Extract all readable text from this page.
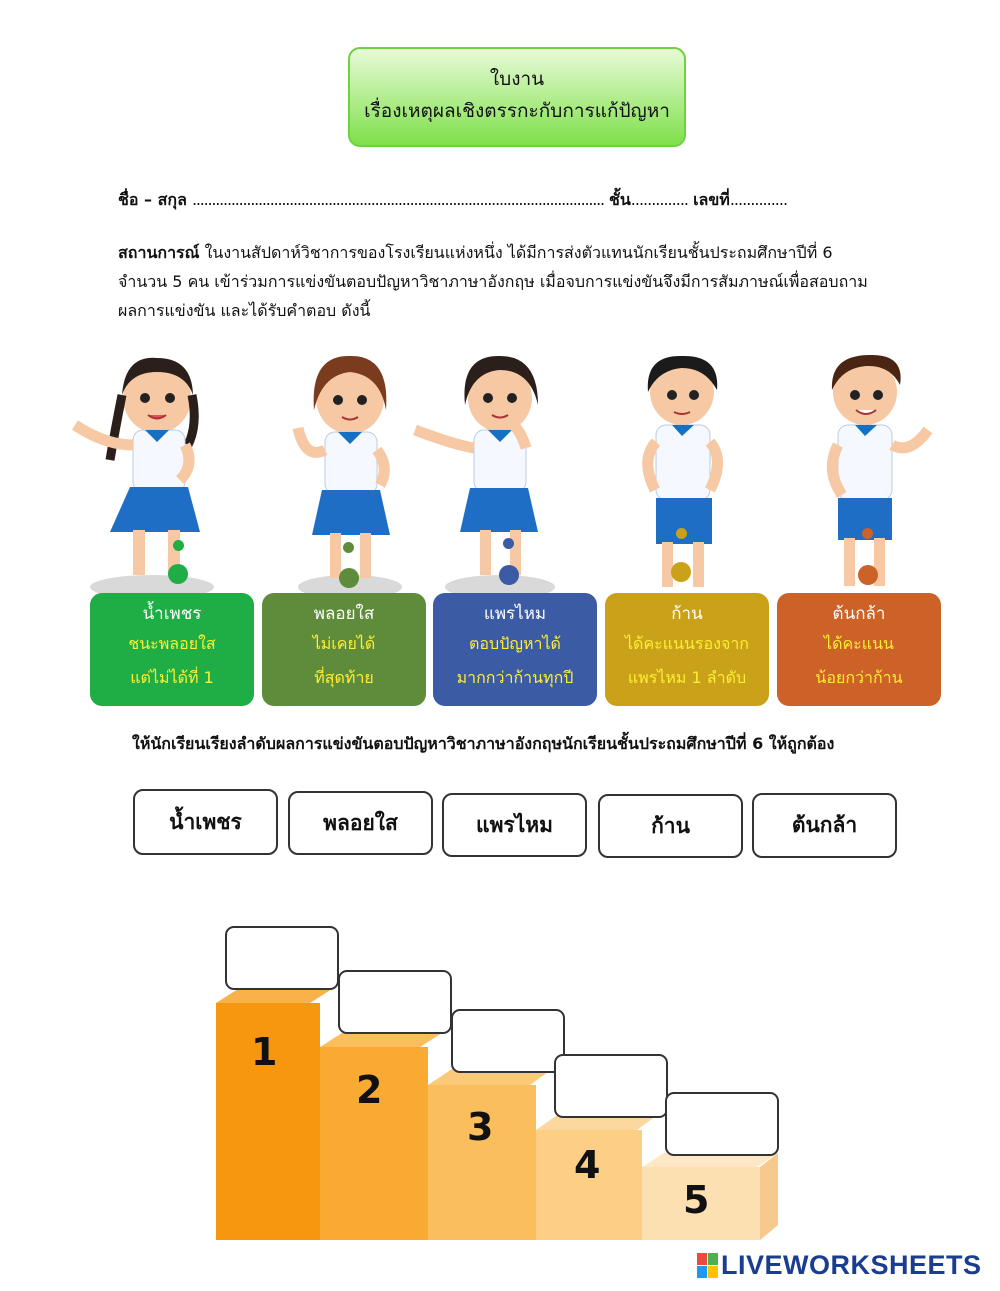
ใบงาน
เรื่องเหตุผลเชิงตรรกะกับการแก้ปัญหา
ชื่อ – สกุล .......................................................................................................... ชั้น.............. เลขที่..............
สถานการณ์ ในงานสัปดาห์วิชาการของโรงเรียนแห่งหนึ่ง ได้มีการส่งตัวแทนนักเรียนชั้นประถมศึกษาปีที่ 6
จำนวน 5 คน เข้าร่วมการแข่งขันตอบปัญหาวิชาภาษาอังกฤษ เมื่อจบการแข่งขันจึงมีการสัมภาษณ์เพื่อสอบถาม
ผลการแข่งขัน และได้รับคำตอบ ดังนี้
น้ำเพชร
ชนะพลอยใส
แต่ไม่ได้ที่ 1
พลอยใส
ไม่เคยได้
ที่สุดท้าย
แพรไหม
ตอบปัญหาได้
มากกว่าก้านทุกปี
ก้าน
ได้คะแนนรองจาก
แพรไหม 1 ลำดับ
ต้นกล้า
ได้คะแนน
น้อยกว่าก้าน
ให้นักเรียนเรียงลำดับผลการแข่งขันตอบปัญหาวิชาภาษาอังกฤษนักเรียนชั้นประถมศึกษาปีที่ 6 ให้ถูกต้อง
น้ำเพชร	พลอยใส	แพรไหม	ก้าน	ต้นกล้า
1
2
3
4
5
LIVEWORKSHEETS
